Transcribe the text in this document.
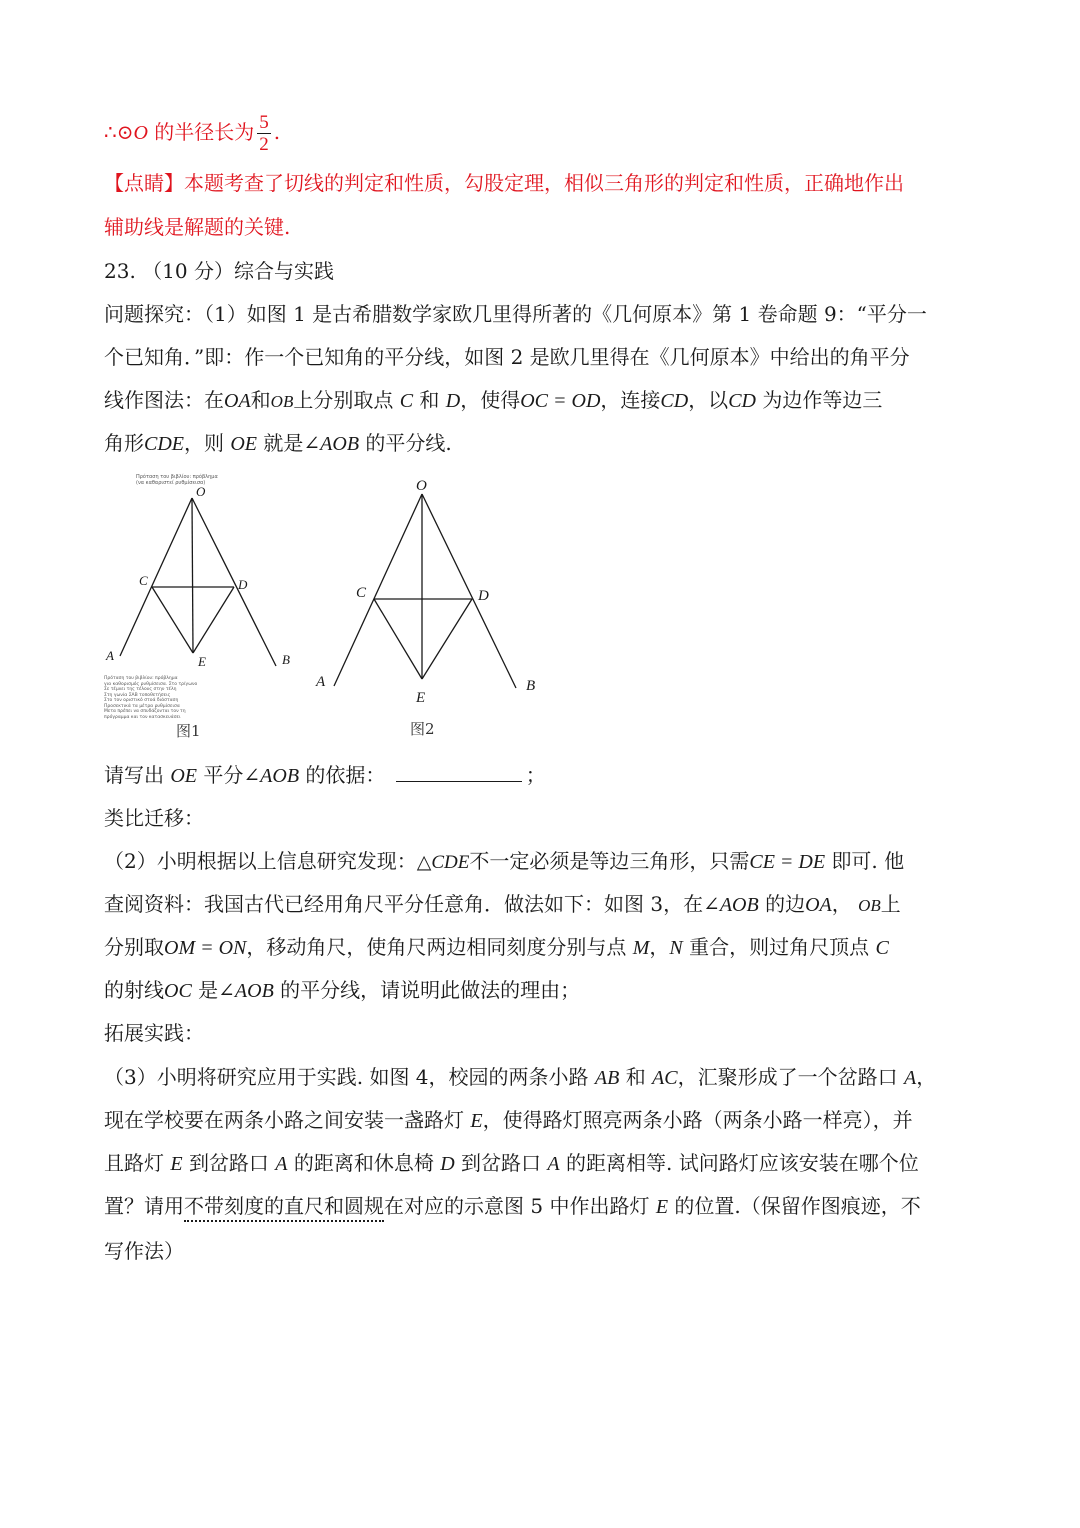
∴⊙O 的半径长为 $\frac{5}{2}$ .
【点睛】本题考查了切线的判定和性质，勾股定理，相似三角形的判定和性质，正确地作出
辅助线是解题的关键.
23. （10 分）综合与实践
问题探究：（1）如图 1 是古希腊数学家欧几里得所著的《几何原本》第 1 卷命题 9：“平分一
个已知角．”即：作一个已知角的平分线，如图 2 是欧几里得在《几何原本》中给出的角平分
线作图法：在OA和OB上分别取点 C 和 D，使得OC = OD，连接CD，以CD 为边作等边三
角形CDE，则 OE 就是∠AOB 的平分线.
Πρόταση του βιβλίου: πρόβλημα
(να καθαριστεί ρυθμίσεισα)
O
C	D
A	B
E
Πρόταση του βιβλίου: πρόβλημα
για καθορισμός ρυθμίσεισα. Στο τρίγωνο
Σε τέμνει της τέλους στην τέλη
Στη γωνία ΣΑΒ τοποθετήσεις
Στο τον οριστικό στοά διάσταση
Προσεκτικά τα μέτρα ρυθμίσεισα
Μετα πρέπει να σπυδάζονται τον τη
πρόγραμμα και τον κατασκευάσει
图1
O
C	D
A	B
E
图2
请写出 OE 平分∠AOB 的依据：	；
类比迁移：
（2）小明根据以上信息研究发现：△CDE不一定必须是等边三角形，只需CE = DE 即可. 他
查阅资料：我国古代已经用角尺平分任意角．做法如下：如图 3，在∠AOB 的边OA， OB上
分别取OM = ON，移动角尺，使角尺两边相同刻度分别与点 M，N 重合，则过角尺顶点 C
的射线OC 是∠AOB 的平分线，请说明此做法的理由；
拓展实践：
（3）小明将研究应用于实践. 如图 4，校园的两条小路 AB 和 AC，汇聚形成了一个岔路口 A，
现在学校要在两条小路之间安装一盏路灯 E，使得路灯照亮两条小路（两条小路一样亮），并
且路灯 E 到岔路口 A 的距离和休息椅 D 到岔路口 A 的距离相等. 试问路灯应该安装在哪个位
置？请用不带刻度的直尺和圆规在对应的示意图 5 中作出路灯 E 的位置.（保留作图痕迹，不
写作法）
